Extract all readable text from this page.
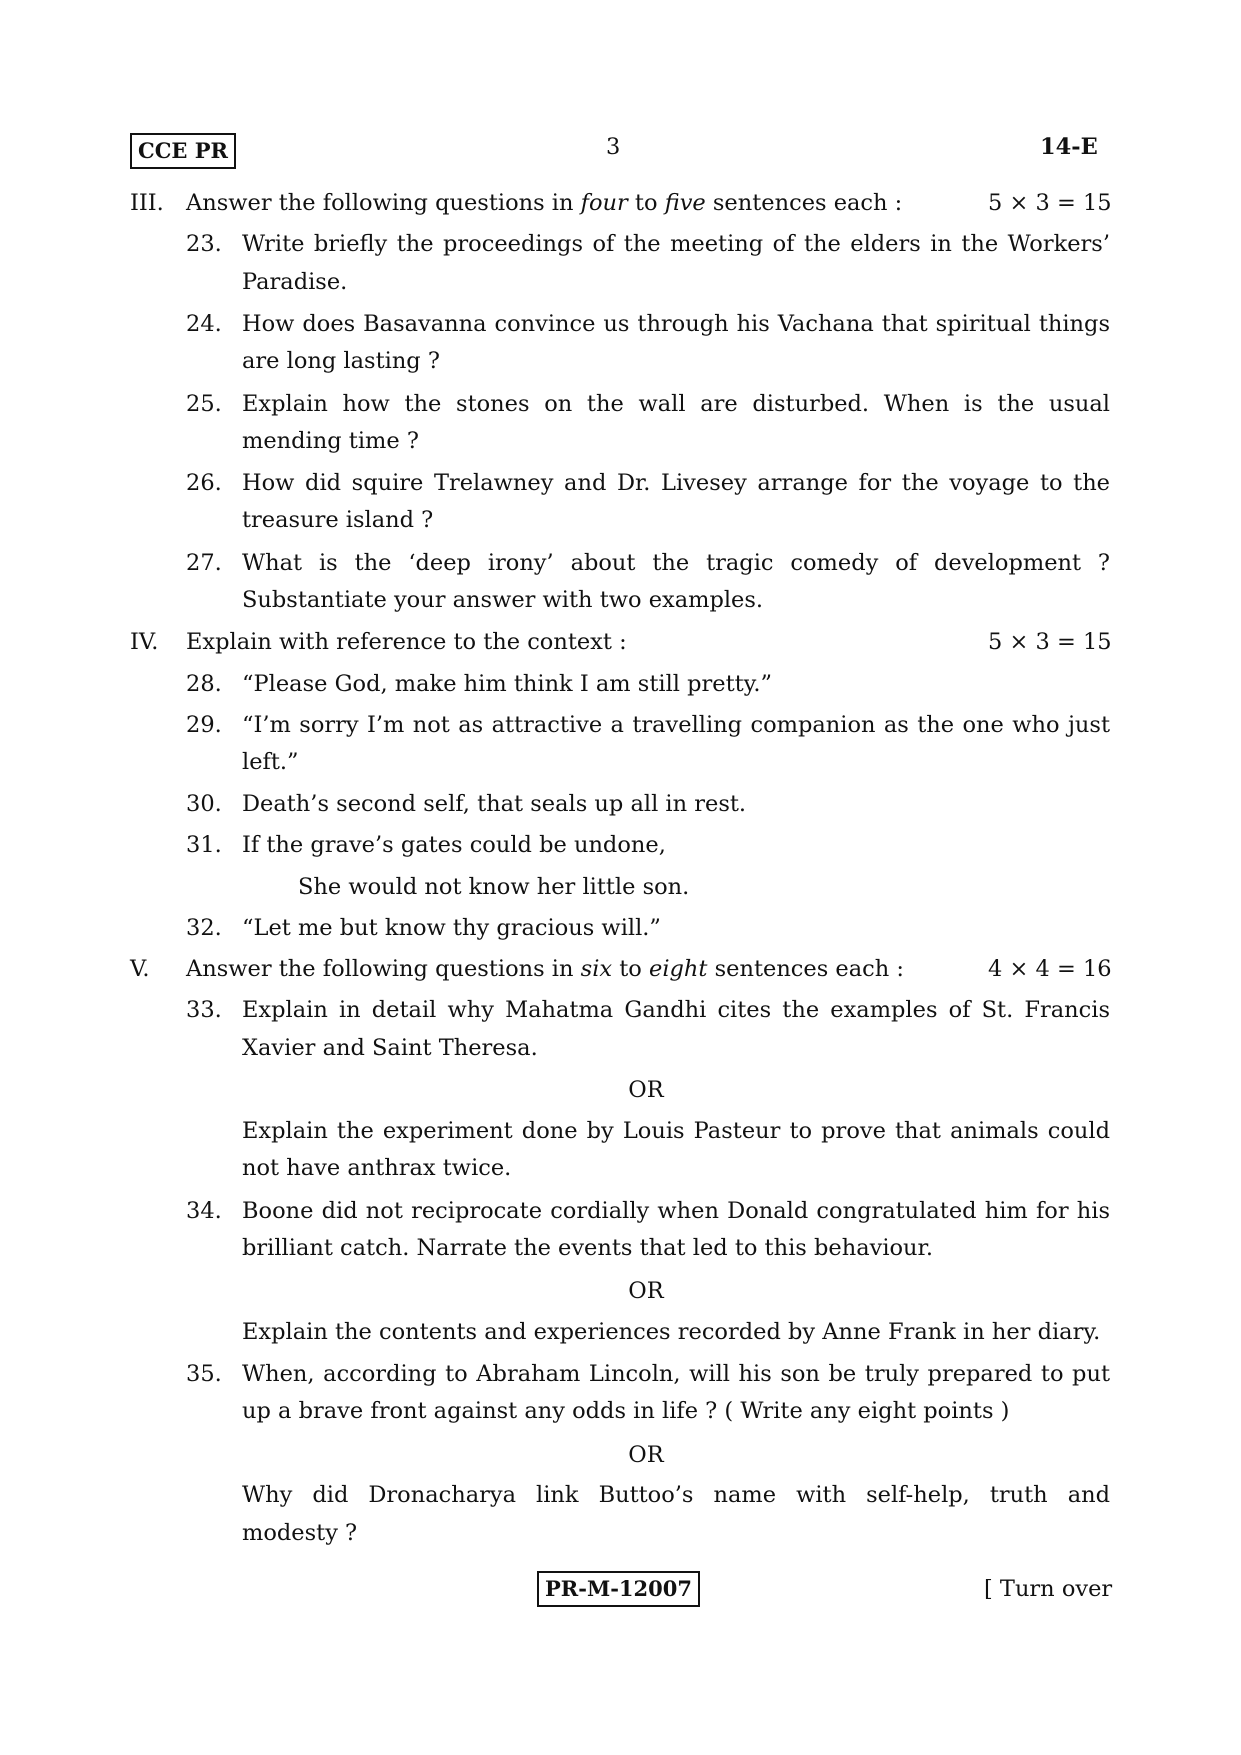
CCE PR	3	14-E
III. Answer the following questions in four to five sentences each :	5 × 3 = 15
23. Write briefly the proceedings of the meeting of the elders in the Workers’
Paradise.
24. How does Basavanna convince us through his Vachana that spiritual things
are long lasting ?
25. Explain how the stones on the wall are disturbed. When is the usual
mending time ?
26. How did squire Trelawney and Dr. Livesey arrange for the voyage to the
treasure island ?
27. What is the ‘deep irony’ about the tragic comedy of development ?
Substantiate your answer with two examples.
IV. Explain with reference to the context :	5 × 3 = 15
28. “Please God, make him think I am still pretty.”
29. “I’m sorry I’m not as attractive a travelling companion as the one who just
left.”
30. Death’s second self, that seals up all in rest.
31. If the grave’s gates could be undone,
She would not know her little son.
32. “Let me but know thy gracious will.”
V. Answer the following questions in six to eight sentences each :	4 × 4 = 16
33. Explain in detail why Mahatma Gandhi cites the examples of St. Francis
Xavier and Saint Theresa.
OR
Explain the experiment done by Louis Pasteur to prove that animals could
not have anthrax twice.
34. Boone did not reciprocate cordially when Donald congratulated him for his
brilliant catch. Narrate the events that led to this behaviour.
OR
Explain the contents and experiences recorded by Anne Frank in her diary.
35. When, according to Abraham Lincoln, will his son be truly prepared to put
up a brave front against any odds in life ? ( Write any eight points )
OR
Why did Dronacharya link Buttoo’s name with self-help, truth and
modesty ?
PR-M-12007	[ Turn over
